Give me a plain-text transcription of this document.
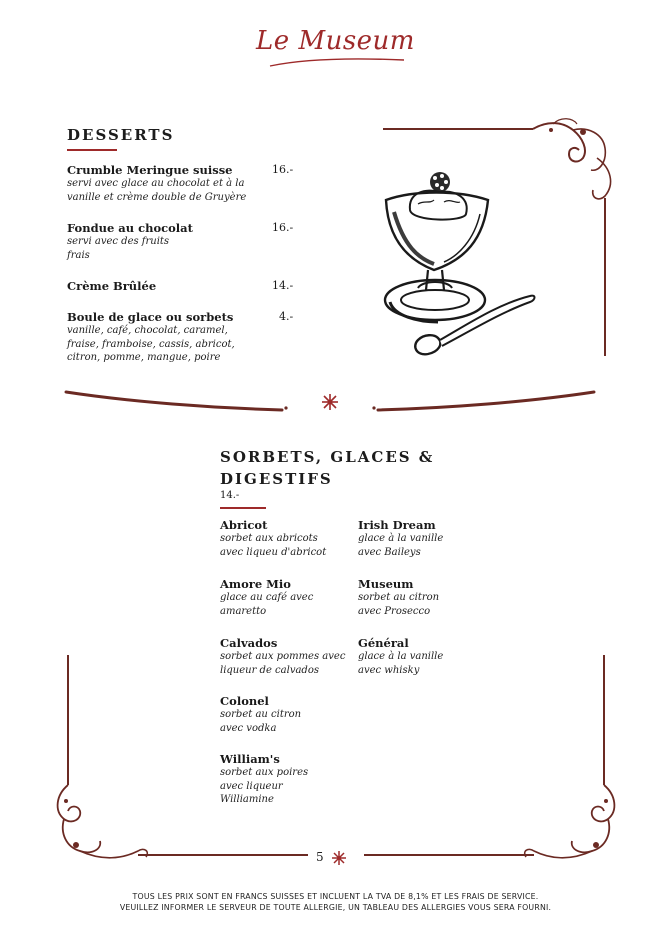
Le Museum
DESSERTS
Crumble Meringue suisse
servi avec glace au chocolat et à la
vanille et crème double de Gruyère
16.-
Fondue au chocolat
servi avec des fruits
frais
16.-
Crème Brûlée	14.-
Boule de glace ou sorbets
vanille, café, chocolat, caramel,
fraise, framboise, cassis, abricot,
citron, pomme, mangue, poire
4.-
SORBETS, GLACES &
DIGESTIFS
14.-
Abricot
sorbet aux abricots
avec liqueu d'abricot
Amore Mio
glace au café avec
amaretto
Calvados
sorbet aux pommes avec
liqueur de calvados
Colonel
sorbet au citron
avec vodka
William's
sorbet aux poires
avec liqueur
Williamine
Irish Dream
glace à la vanille
avec Baileys
Museum
sorbet au citron
avec Prosecco
Général
glace à la vanille
avec whisky
5
TOUS LES PRIX SONT EN FRANCS SUISSES ET INCLUENT LA TVA DE 8,1% ET LES FRAIS DE SERVICE.
VEUILLEZ INFORMER LE SERVEUR DE TOUTE ALLERGIE, UN TABLEAU DES ALLERGIES VOUS SERA FOURNI.
